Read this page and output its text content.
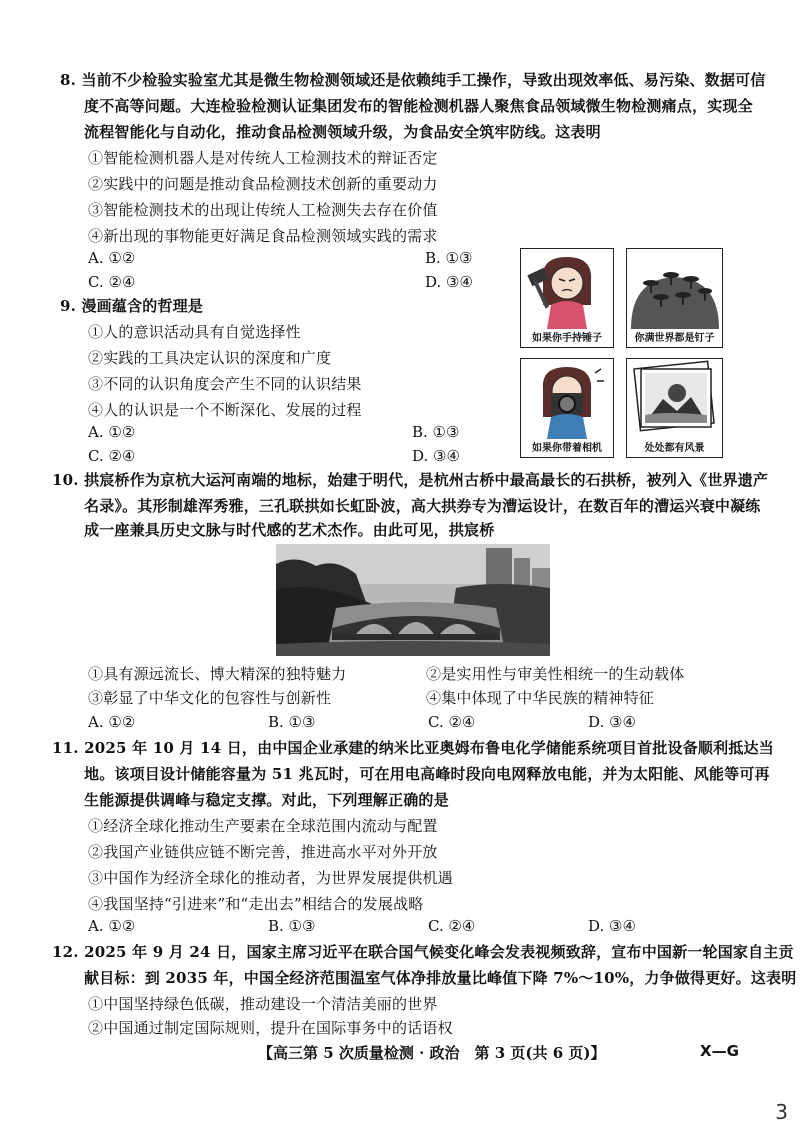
8. 当前不少检验实验室尤其是微生物检测领域还是依赖纯手工操作，导致出现效率低、易污染、数据可信
度不高等问题。大连检验检测认证集团发布的智能检测机器人聚焦食品领域微生物检测痛点，实现全
流程智能化与自动化，推动食品检测领域升级，为食品安全筑牢防线。这表明
①智能检测机器人是对传统人工检测技术的辩证否定
②实践中的问题是推动食品检测技术创新的重要动力
③智能检测技术的出现让传统人工检测失去存在价值
④新出现的事物能更好满足食品检测领域实践的需求
A. ①②	B. ①③
C. ②④	D. ③④
9. 漫画蕴含的哲理是
①人的意识活动具有自觉选择性
②实践的工具决定认识的深度和广度
③不同的认识角度会产生不同的认识结果
④人的认识是一个不断深化、发展的过程
A. ①②	B. ①③
C. ②④	D. ③④
如果你手持锤子	你满世界都是钉子
如果你带着相机	处处都有风景
10. 拱宸桥作为京杭大运河南端的地标，始建于明代，是杭州古桥中最高最长的石拱桥，被列入《世界遗产
名录》。其形制雄浑秀雅，三孔联拱如长虹卧波，高大拱券专为漕运设计，在数百年的漕运兴衰中凝练
成一座兼具历史文脉与时代感的艺术杰作。由此可见，拱宸桥
①具有源远流长、博大精深的独特魅力	②是实用性与审美性相统一的生动载体
③彰显了中华文化的包容性与创新性	④集中体现了中华民族的精神特征
A. ①②	B. ①③	C. ②④	D. ③④
11. 2025 年 10 月 14 日，由中国企业承建的纳米比亚奥姆布鲁电化学储能系统项目首批设备顺利抵达当
地。该项目设计储能容量为 51 兆瓦时，可在用电高峰时段向电网释放电能，并为太阳能、风能等可再
生能源提供调峰与稳定支撑。对此，下列理解正确的是
①经济全球化推动生产要素在全球范围内流动与配置
②我国产业链供应链不断完善，推进高水平对外开放
③中国作为经济全球化的推动者，为世界发展提供机遇
④我国坚持“引进来”和“走出去”相结合的发展战略
A. ①②	B. ①③	C. ②④	D. ③④
12. 2025 年 9 月 24 日，国家主席习近平在联合国气候变化峰会发表视频致辞，宣布中国新一轮国家自主贡
献目标：到 2035 年，中国全经济范围温室气体净排放量比峰值下降 7%～10%，力争做得更好。这表明
①中国坚持绿色低碳，推动建设一个清洁美丽的世界
②中国通过制定国际规则，提升在国际事务中的话语权
【高三第 5 次质量检测 · 政治　第 3 页(共 6 页)】	X—G
3
